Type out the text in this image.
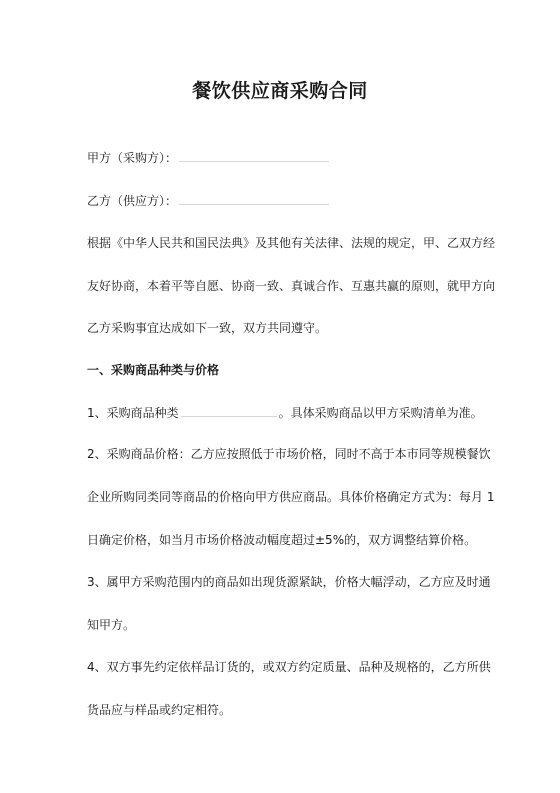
餐饮供应商采购合同
甲方（采购方）：
乙方（供应方）：
根据《中华人民共和国民法典》及其他有关法律、法规的规定，甲、乙双方经
友好协商，本着平等自愿、协商一致、真诚合作、互惠共赢的原则，就甲方向
乙方采购事宜达成如下一致，双方共同遵守。
一、采购商品种类与价格
1、采购商品种类	。具体采购商品以甲方采购清单为准。
2、采购商品价格：乙方应按照低于市场价格，同时不高于本市同等规模餐饮
企业所购同类同等商品的价格向甲方供应商品。具体价格确定方式为：每月 1
日确定价格，如当月市场价格波动幅度超过±5%的，双方调整结算价格。
3、属甲方采购范围内的商品如出现货源紧缺，价格大幅浮动，乙方应及时通
知甲方。
4、双方事先约定依样品订货的，或双方约定质量、品种及规格的，乙方所供
货品应与样品或约定相符。
